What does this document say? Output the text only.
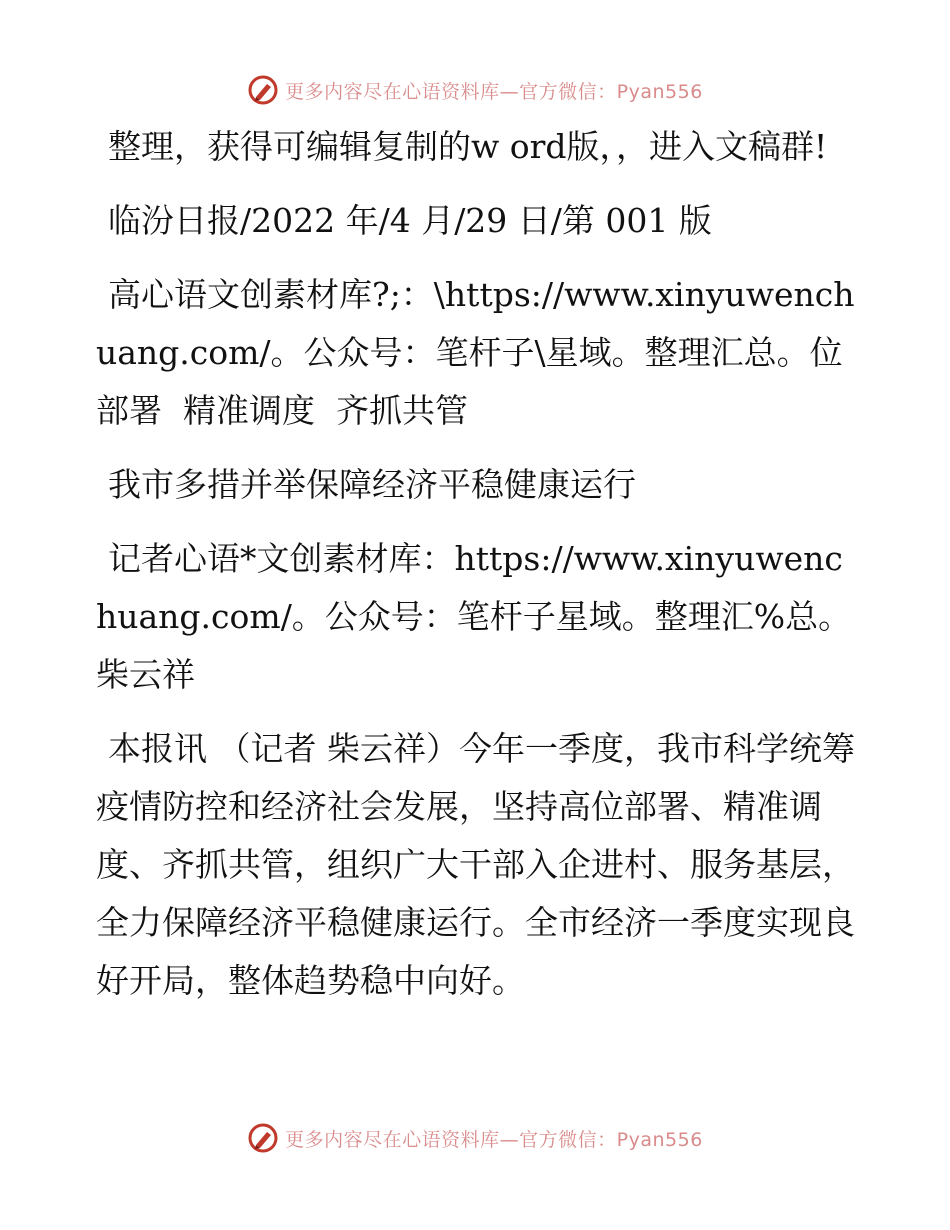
更多内容尽在心语资料库—官方微信：Pyan556

整理，获得可编辑复制的w ord版，，进入文稿群!

临汾日报/2022 年/4 月/29 日/第 001 版

高心语文创素材库?;：\https://www.xinyuwenchuang.com/。公众号：笔杆子\星域。整理汇总。位部署  精准调度  齐抓共管

我市多措并举保障经济平稳健康运行

记者心语*文创素材库：https://www.xinyuwenchuang.com/。公众号：笔杆子星域。整理汇%总。  柴云祥

本报讯 （记者 柴云祥）今年一季度，我市科学统筹疫情防控和经济社会发展，坚持高位部署、精准调度、齐抓共管，组织广大干部入企进村、服务基层，全力保障经济平稳健康运行。全市经济一季度实现良好开局，整体趋势稳中向好。

更多内容尽在心语资料库—官方微信：Pyan556
